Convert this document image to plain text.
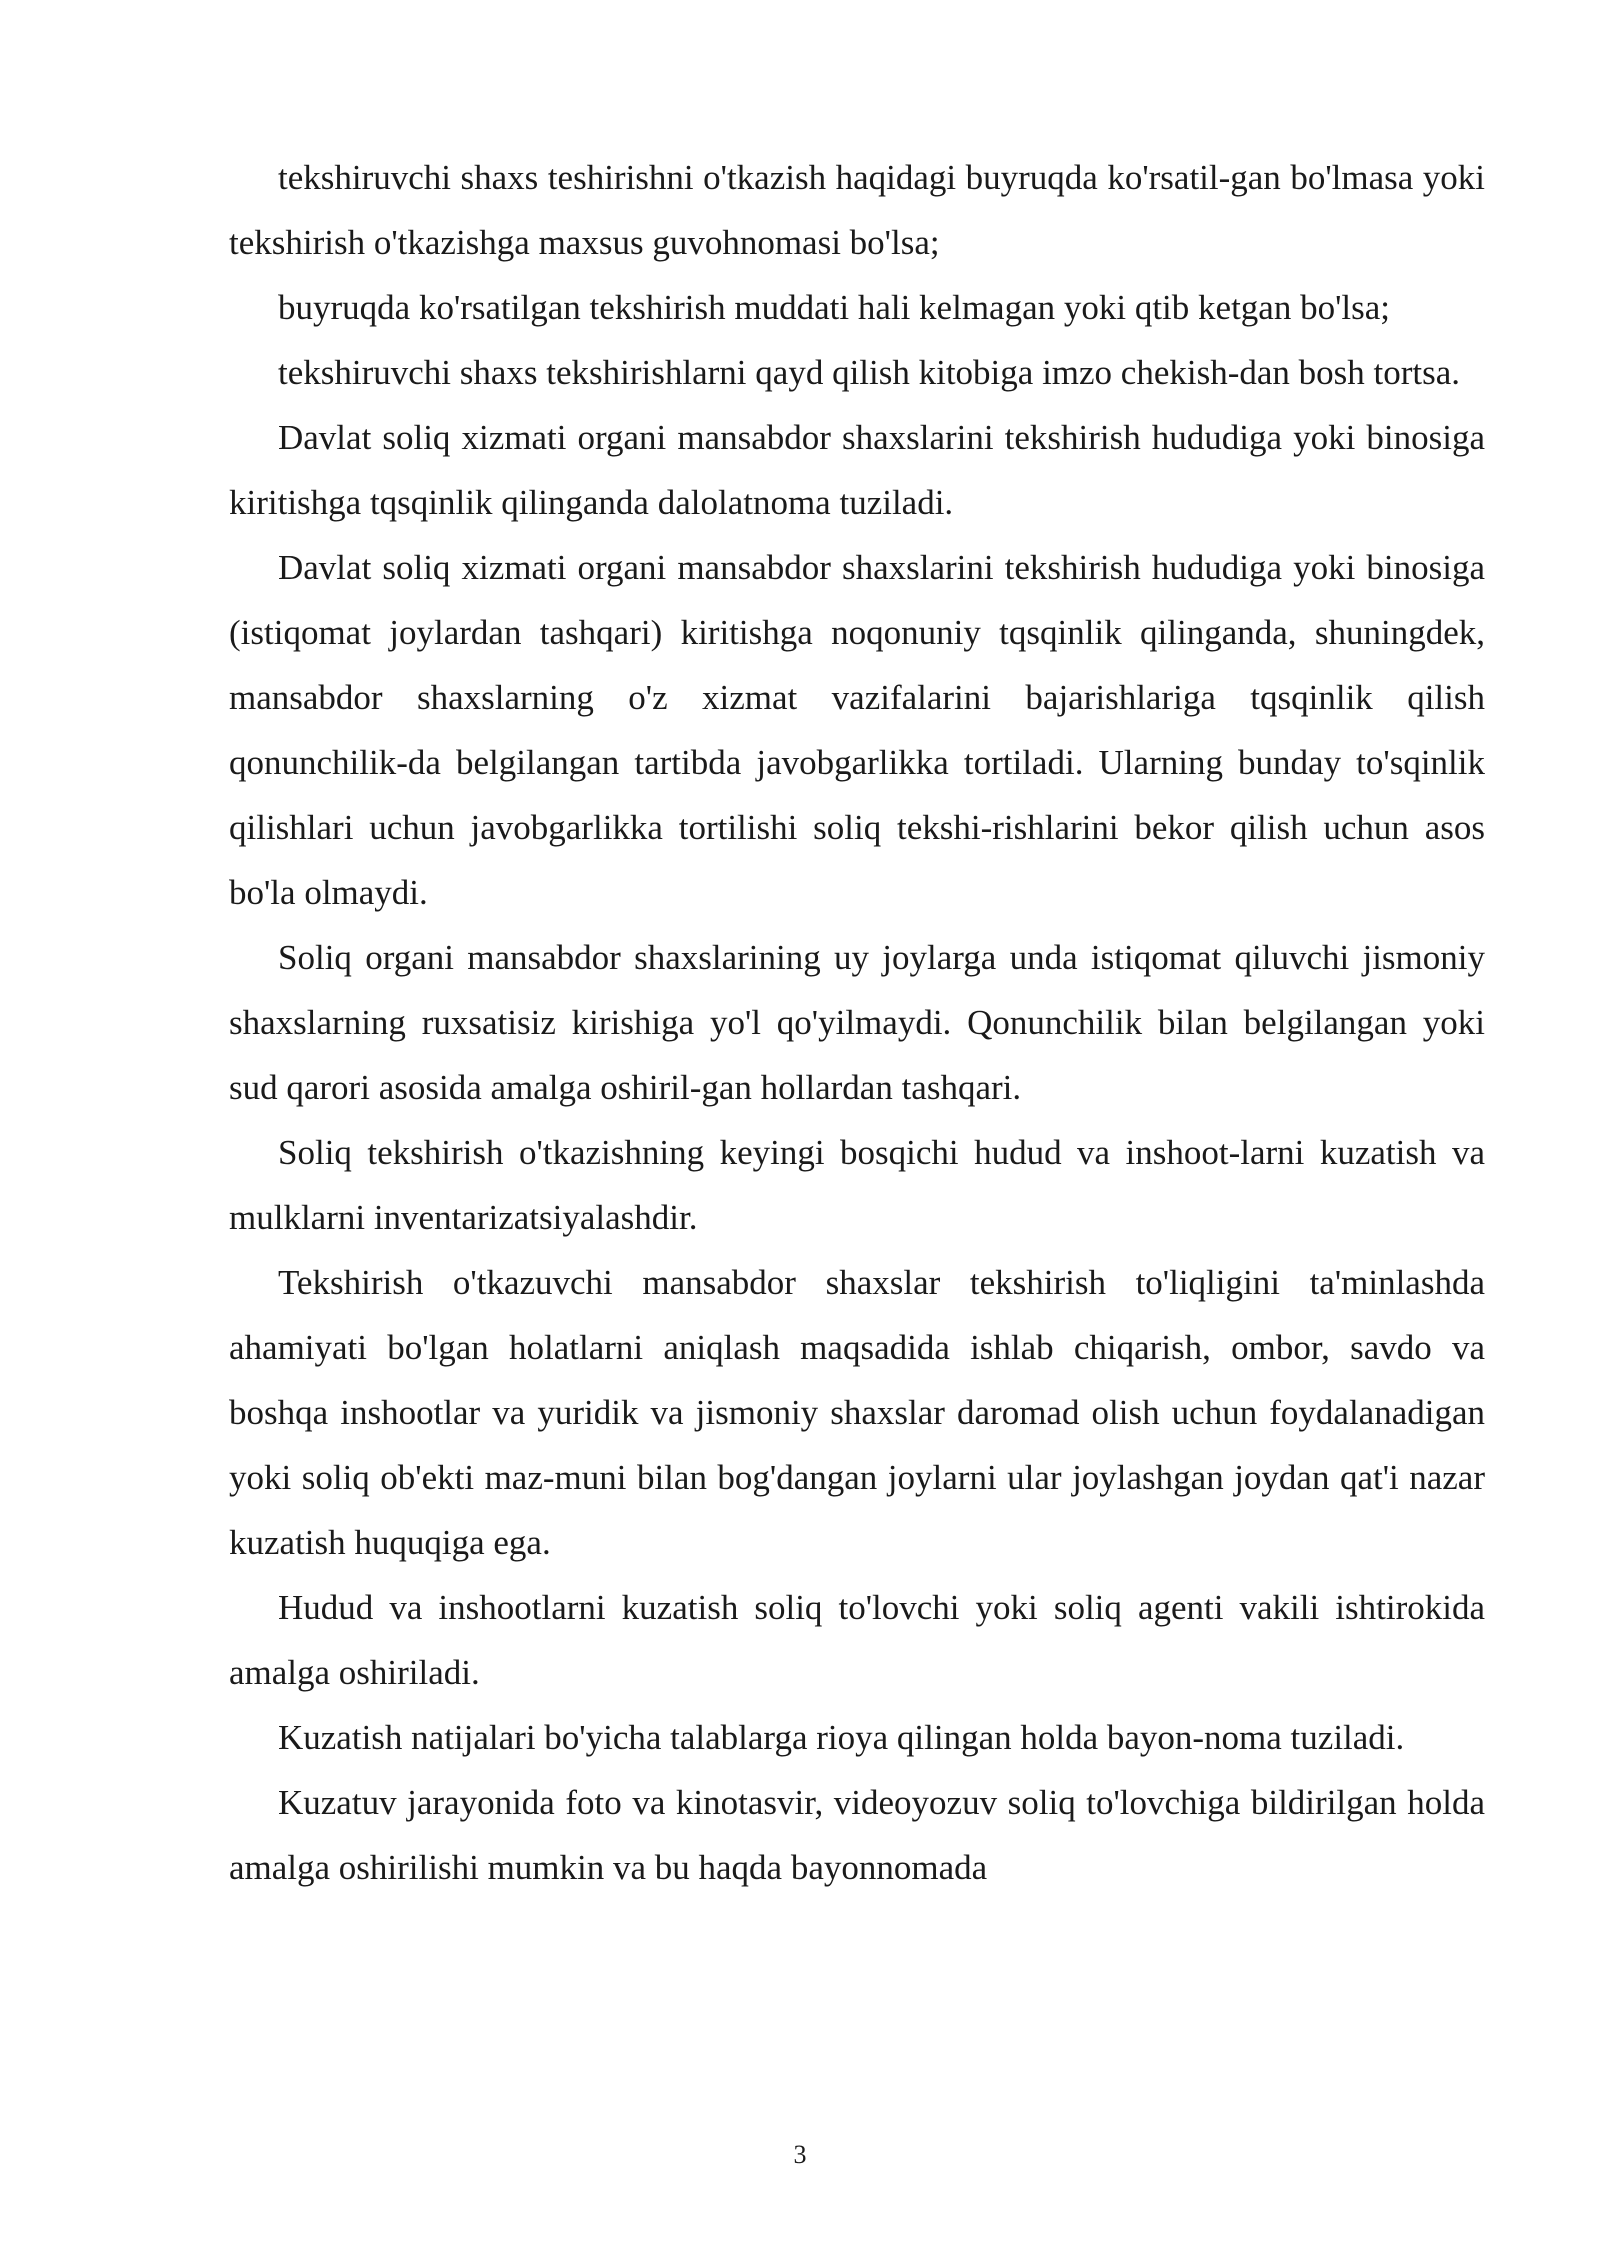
tekshiruvchi shaxs teshirishni o'tkazish haqidagi buyruqda ko'rsatil-gan bo'lmasa yoki tekshirish o'tkazishga maxsus guvohnomasi bo'lsa;

buyruqda ko'rsatilgan tekshirish muddati hali kelmagan yoki qtib ketgan bo'lsa;

tekshiruvchi shaxs tekshirishlarni qayd qilish kitobiga imzo chekish-dan bosh tortsa.

Davlat soliq xizmati organi mansabdor shaxslarini tekshirish hududiga yoki binosiga kiritishga tqsqinlik qilinganda dalolatnoma tuziladi.

Davlat soliq xizmati organi mansabdor shaxslarini tekshirish hududiga yoki binosiga (istiqomat joylardan tashqari) kiritishga noqonuniy tqsqinlik qilinganda, shuningdek, mansabdor shaxslarning o'z xizmat vazifalarini bajarishlariga tqsqinlik qilish qonunchilik-da belgilangan tartibda javobgarlikka tortiladi. Ularning bunday to'sqinlik qilishlari uchun javobgarlikka tortilishi soliq tekshi-rishlarini bekor qilish uchun asos bo'la olmaydi.

Soliq organi mansabdor shaxslarining uy joylarga unda istiqomat qiluvchi jismoniy shaxslarning ruxsatisiz kirishiga yo'l qo'yilmaydi. Qonunchilik bilan belgilangan yoki sud qarori asosida amalga oshiril-gan hollardan tashqari.

Soliq tekshirish o'tkazishning keyingi bosqichi hudud va inshoot-larni kuzatish va mulklarni inventarizatsiyalashdir.

Tekshirish o'tkazuvchi mansabdor shaxslar tekshirish to'liqligini ta'minlashda ahamiyati bo'lgan holatlarni aniqlash maqsadida ishlab chiqarish, ombor, savdo va boshqa inshootlar va yuridik va jismoniy shaxslar daromad olish uchun foydalanadigan yoki soliq ob'ekti maz-muni bilan bog'dangan joylarni ular joylashgan joydan qat'i nazar kuzatish huquqiga ega.

Hudud va inshootlarni kuzatish soliq to'lovchi yoki soliq agenti vakili ishtirokida amalga oshiriladi.

Kuzatish natijalari bo'yicha talablarga rioya qilingan holda bayon-noma tuziladi.

Kuzatuv jarayonida foto va kinotasvir, videoyozuv soliq to'lovchiga bildirilgan holda amalga oshirilishi mumkin va bu haqda bayonnomada

3
